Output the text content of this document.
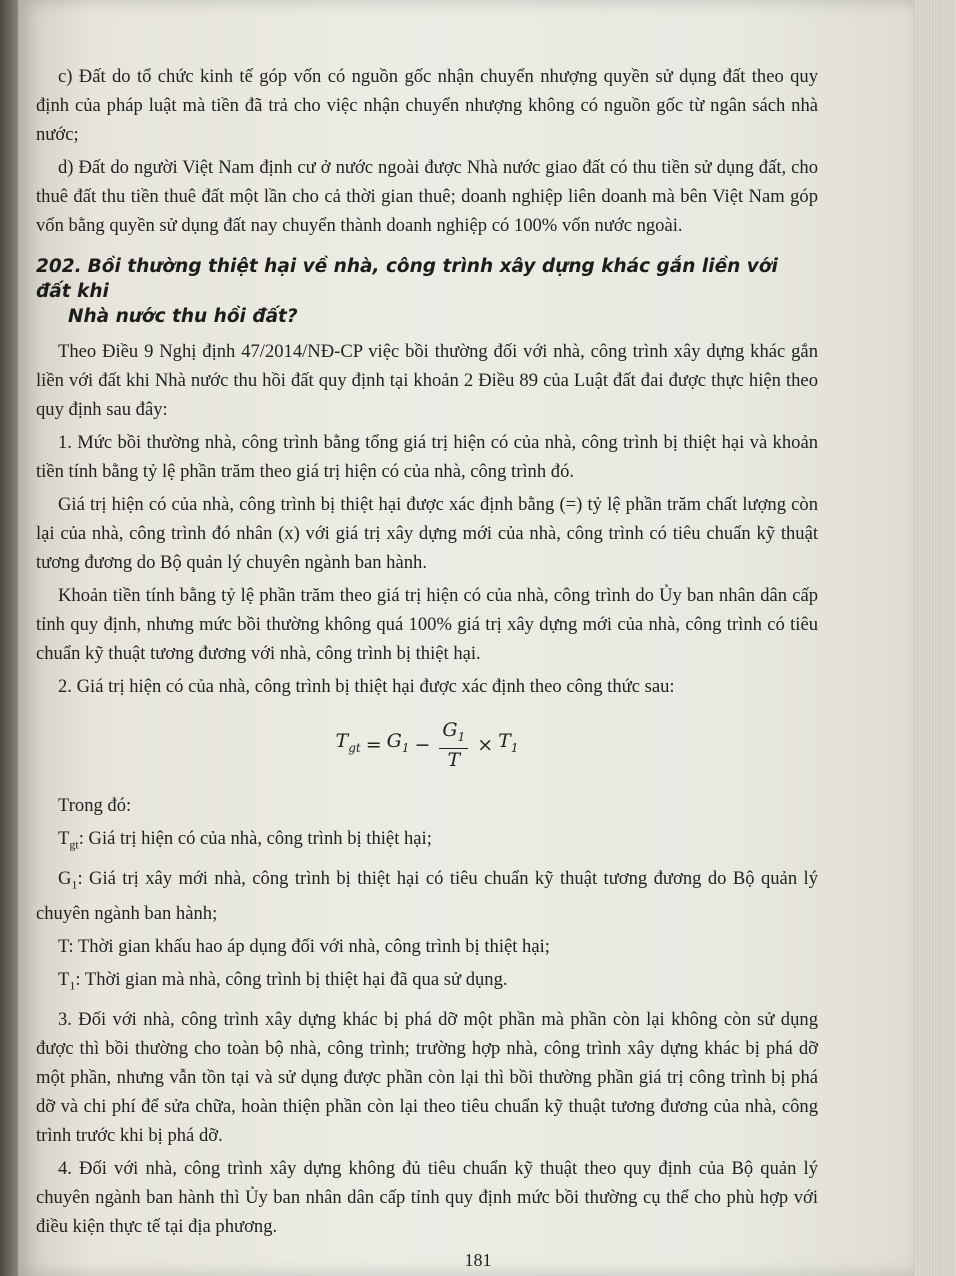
c) Đất do tổ chức kinh tế góp vốn có nguồn gốc nhận chuyển nhượng quyền sử dụng đất theo quy định của pháp luật mà tiền đã trả cho việc nhận chuyển nhượng không có nguồn gốc từ ngân sách nhà nước;

d) Đất do người Việt Nam định cư ở nước ngoài được Nhà nước giao đất có thu tiền sử dụng đất, cho thuê đất thu tiền thuê đất một lần cho cả thời gian thuê; doanh nghiệp liên doanh mà bên Việt Nam góp vốn bằng quyền sử dụng đất nay chuyển thành doanh nghiệp có 100% vốn nước ngoài.

202. Bồi thường thiệt hại về nhà, công trình xây dựng khác gắn liền với đất khi
Nhà nước thu hồi đất?

Theo Điều 9 Nghị định 47/2014/NĐ-CP việc bồi thường đối với nhà, công trình xây dựng khác gắn liền với đất khi Nhà nước thu hồi đất quy định tại khoản 2 Điều 89 của Luật đất đai được thực hiện theo quy định sau đây:

1. Mức bồi thường nhà, công trình bằng tổng giá trị hiện có của nhà, công trình bị thiệt hại và khoản tiền tính bằng tỷ lệ phần trăm theo giá trị hiện có của nhà, công trình đó.

Giá trị hiện có của nhà, công trình bị thiệt hại được xác định bằng (=) tỷ lệ phần trăm chất lượng còn lại của nhà, công trình đó nhân (x) với giá trị xây dựng mới của nhà, công trình có tiêu chuẩn kỹ thuật tương đương do Bộ quản lý chuyên ngành ban hành.

Khoản tiền tính bằng tỷ lệ phần trăm theo giá trị hiện có của nhà, công trình do Ủy ban nhân dân cấp tỉnh quy định, nhưng mức bồi thường không quá 100% giá trị xây dựng mới của nhà, công trình có tiêu chuẩn kỹ thuật tương đương với nhà, công trình bị thiệt hại.

2. Giá trị hiện có của nhà, công trình bị thiệt hại được xác định theo công thức sau:

$T_{gt} = G_1 - \frac{G_1}{T} \times T_1$

Trong đó:

$T_{gt}$: Giá trị hiện có của nhà, công trình bị thiệt hại;

$G_1$: Giá trị xây mới nhà, công trình bị thiệt hại có tiêu chuẩn kỹ thuật tương đương do Bộ quản lý chuyên ngành ban hành;

T: Thời gian khấu hao áp dụng đối với nhà, công trình bị thiệt hại;

$T_1$: Thời gian mà nhà, công trình bị thiệt hại đã qua sử dụng.

3. Đối với nhà, công trình xây dựng khác bị phá dỡ một phần mà phần còn lại không còn sử dụng được thì bồi thường cho toàn bộ nhà, công trình; trường hợp nhà, công trình xây dựng khác bị phá dỡ một phần, nhưng vẫn tồn tại và sử dụng được phần còn lại thì bồi thường phần giá trị công trình bị phá dỡ và chi phí để sửa chữa, hoàn thiện phần còn lại theo tiêu chuẩn kỹ thuật tương đương của nhà, công trình trước khi bị phá dỡ.

4. Đối với nhà, công trình xây dựng không đủ tiêu chuẩn kỹ thuật theo quy định của Bộ quản lý chuyên ngành ban hành thì Ủy ban nhân dân cấp tỉnh quy định mức bồi thường cụ thể cho phù hợp với điều kiện thực tế tại địa phương.

181
